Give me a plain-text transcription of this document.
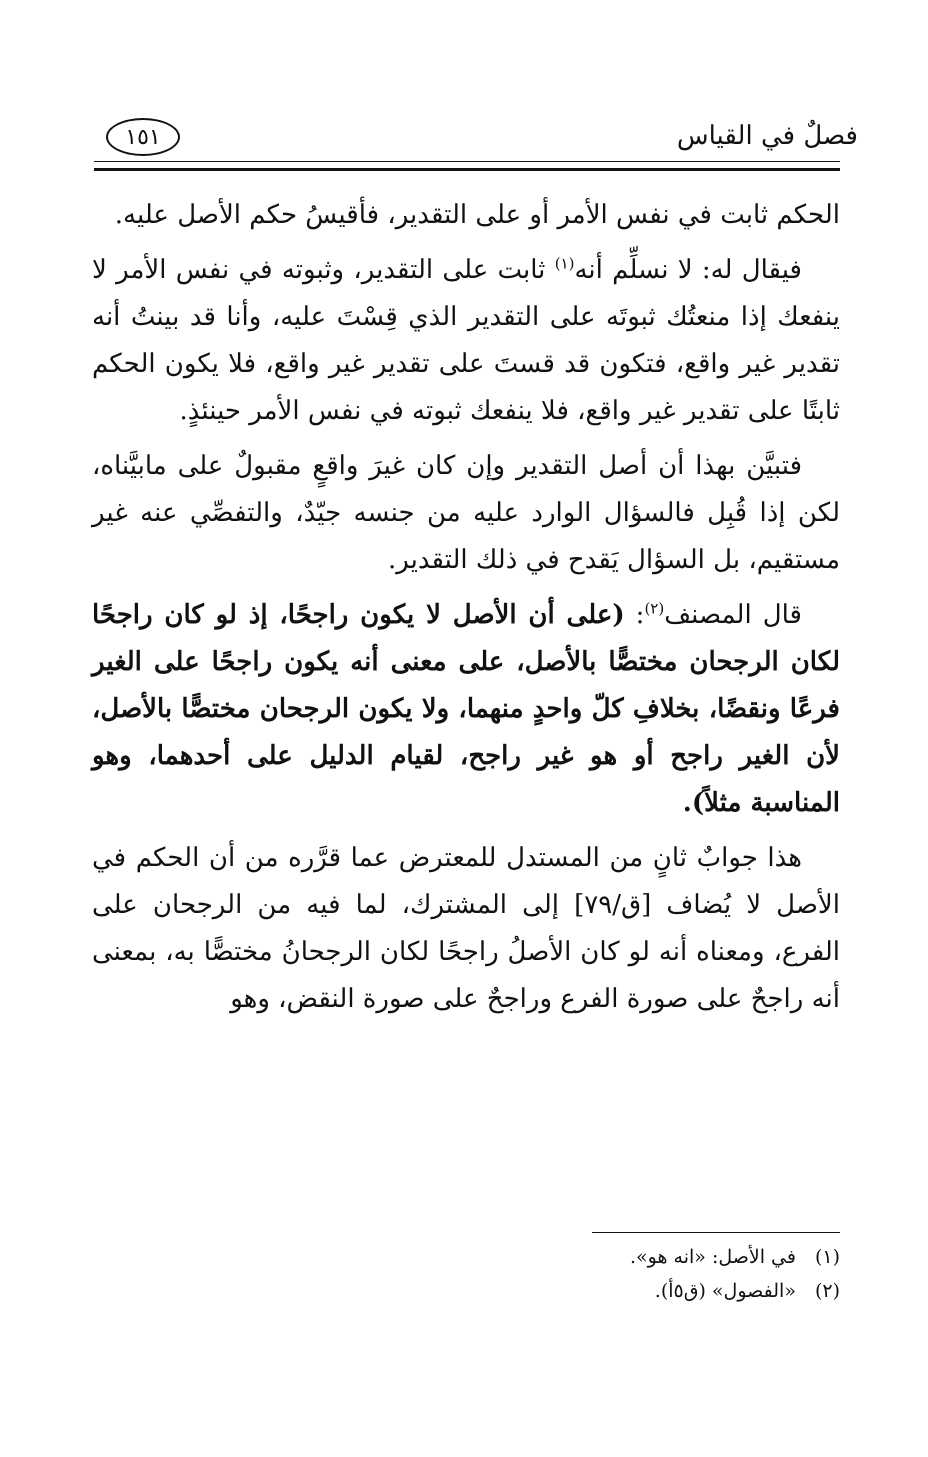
فصلٌ في القياس
١٥١

الحكم ثابت في نفس الأمر أو على التقدير، فأقيسُ حكم الأصل عليه.

فيقال له: لا نسلِّم أنه$^{(١)}$ ثابت على التقدير، وثبوته في نفس الأمر لا ينفعك إذا منعتُك ثبوتَه على التقدير الذي قِسْتَ عليه، وأنا قد بينتُ أنه تقدير غير واقع، فتكون قد قستَ على تقدير غير واقع، فلا يكون الحكم ثابتًا على تقدير غير واقع، فلا ينفعك ثبوته في نفس الأمر حينئذٍ.

فتبيَّن بهذا أن أصل التقدير وإن كان غيرَ واقعٍ مقبولٌ على مابيَّناه، لكن إذا قُبِل فالسؤال الوارد عليه من جنسه جيّدٌ، والتفصِّي عنه غير مستقيم، بل السؤال يَقدح في ذلك التقدير.

قال المصنف$^{(٢)}$: (على أن الأصل لا يكون راجحًا، إذ لو كان راجحًا لكان الرجحان مختصًّا بالأصل، على معنى أنه يكون راجحًا على الغير فرعًا ونقضًا، بخلافِ كلّ واحدٍ منهما، ولا يكون الرجحان مختصًّا بالأصل، لأن الغير راجح أو هو غير راجح، لقيام الدليل على أحدهما، وهو المناسبة مثلاً).

هذا جوابٌ ثانٍ من المستدل للمعترض عما قرَّره من أن الحكم في الأصل لا يُضاف [ق/٧٩] إلى المشترك، لما فيه من الرجحان على الفرع، ومعناه أنه لو كان الأصلُ راجحًا لكان الرجحانُ مختصًّا به، بمعنى أنه راجحٌ على صورة الفرع وراجحٌ على صورة النقض، وهو

(١) في الأصل: «انه هو».

(٢) «الفصول» (ق٥أ).
